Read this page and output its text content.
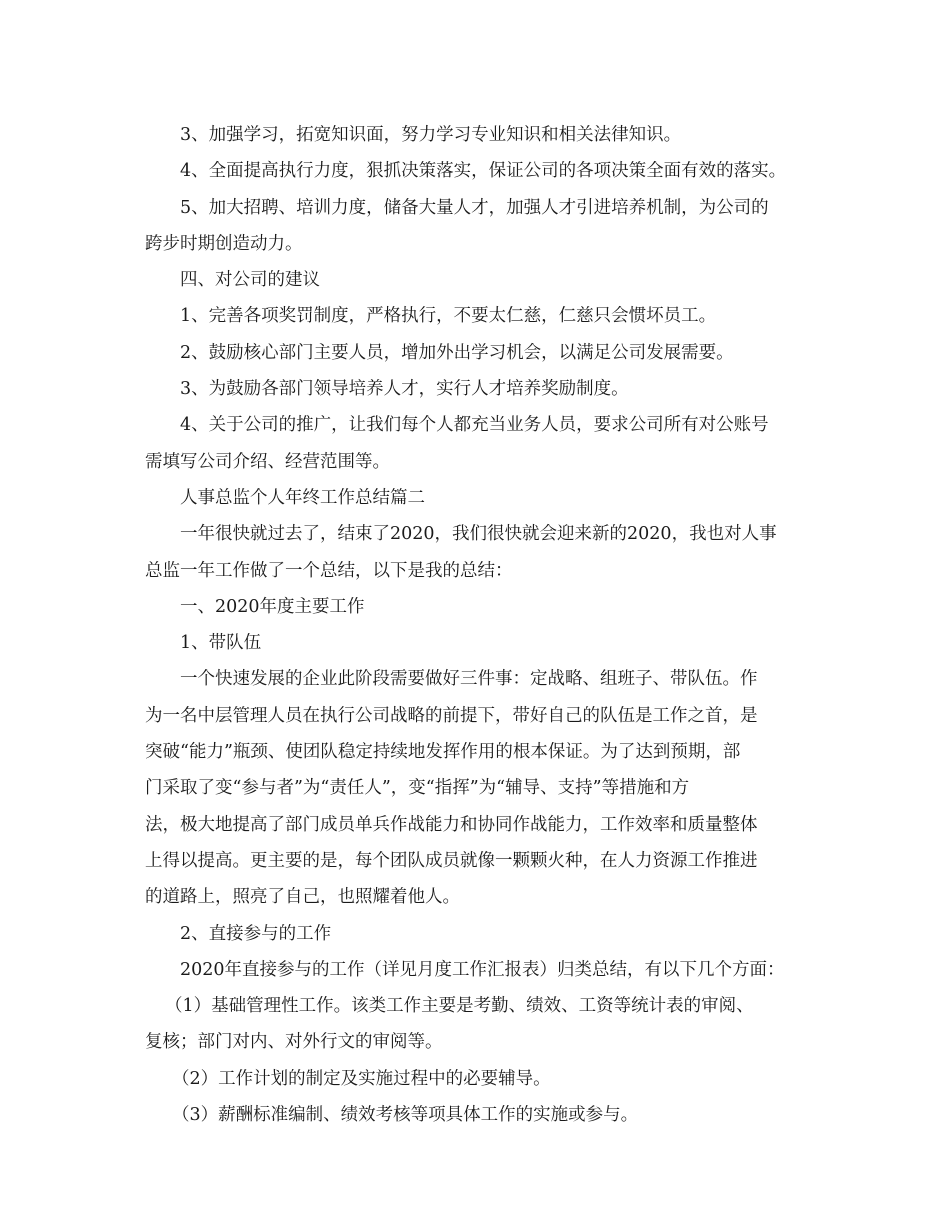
3、加强学习，拓宽知识面，努力学习专业知识和相关法律知识。
4、全面提高执行力度，狠抓决策落实，保证公司的各项决策全面有效的落实。
5、加大招聘、培训力度，储备大量人才，加强人才引进培养机制，为公司的
跨步时期创造动力。
四、对公司的建议
1、完善各项奖罚制度，严格执行，不要太仁慈，仁慈只会惯坏员工。
2、鼓励核心部门主要人员，增加外出学习机会，以满足公司发展需要。
3、为鼓励各部门领导培养人才，实行人才培养奖励制度。
4、关于公司的推广，让我们每个人都充当业务人员，要求公司所有对公账号
需填写公司介绍、经营范围等。
人事总监个人年终工作总结篇二
一年很快就过去了，结束了2020，我们很快就会迎来新的2020，我也对人事
总监一年工作做了一个总结，以下是我的总结：
一、2020年度主要工作
1、带队伍
一个快速发展的企业此阶段需要做好三件事：定战略、组班子、带队伍。作
为一名中层管理人员在执行公司战略的前提下，带好自己的队伍是工作之首，是
突破“能力”瓶颈、使团队稳定持续地发挥作用的根本保证。为了达到预期，部
门采取了变“参与者”为“责任人”，变“指挥”为“辅导、支持”等措施和方
法，极大地提高了部门成员单兵作战能力和协同作战能力，工作效率和质量整体
上得以提高。更主要的是，每个团队成员就像一颗颗火种，在人力资源工作推进
的道路上，照亮了自己，也照耀着他人。
2、直接参与的工作
2020年直接参与的工作（详见月度工作汇报表）归类总结，有以下几个方面：
（1）基础管理性工作。该类工作主要是考勤、绩效、工资等统计表的审阅、
复核；部门对内、对外行文的审阅等。
（2）工作计划的制定及实施过程中的必要辅导。
（3）薪酬标准编制、绩效考核等项具体工作的实施或参与。
